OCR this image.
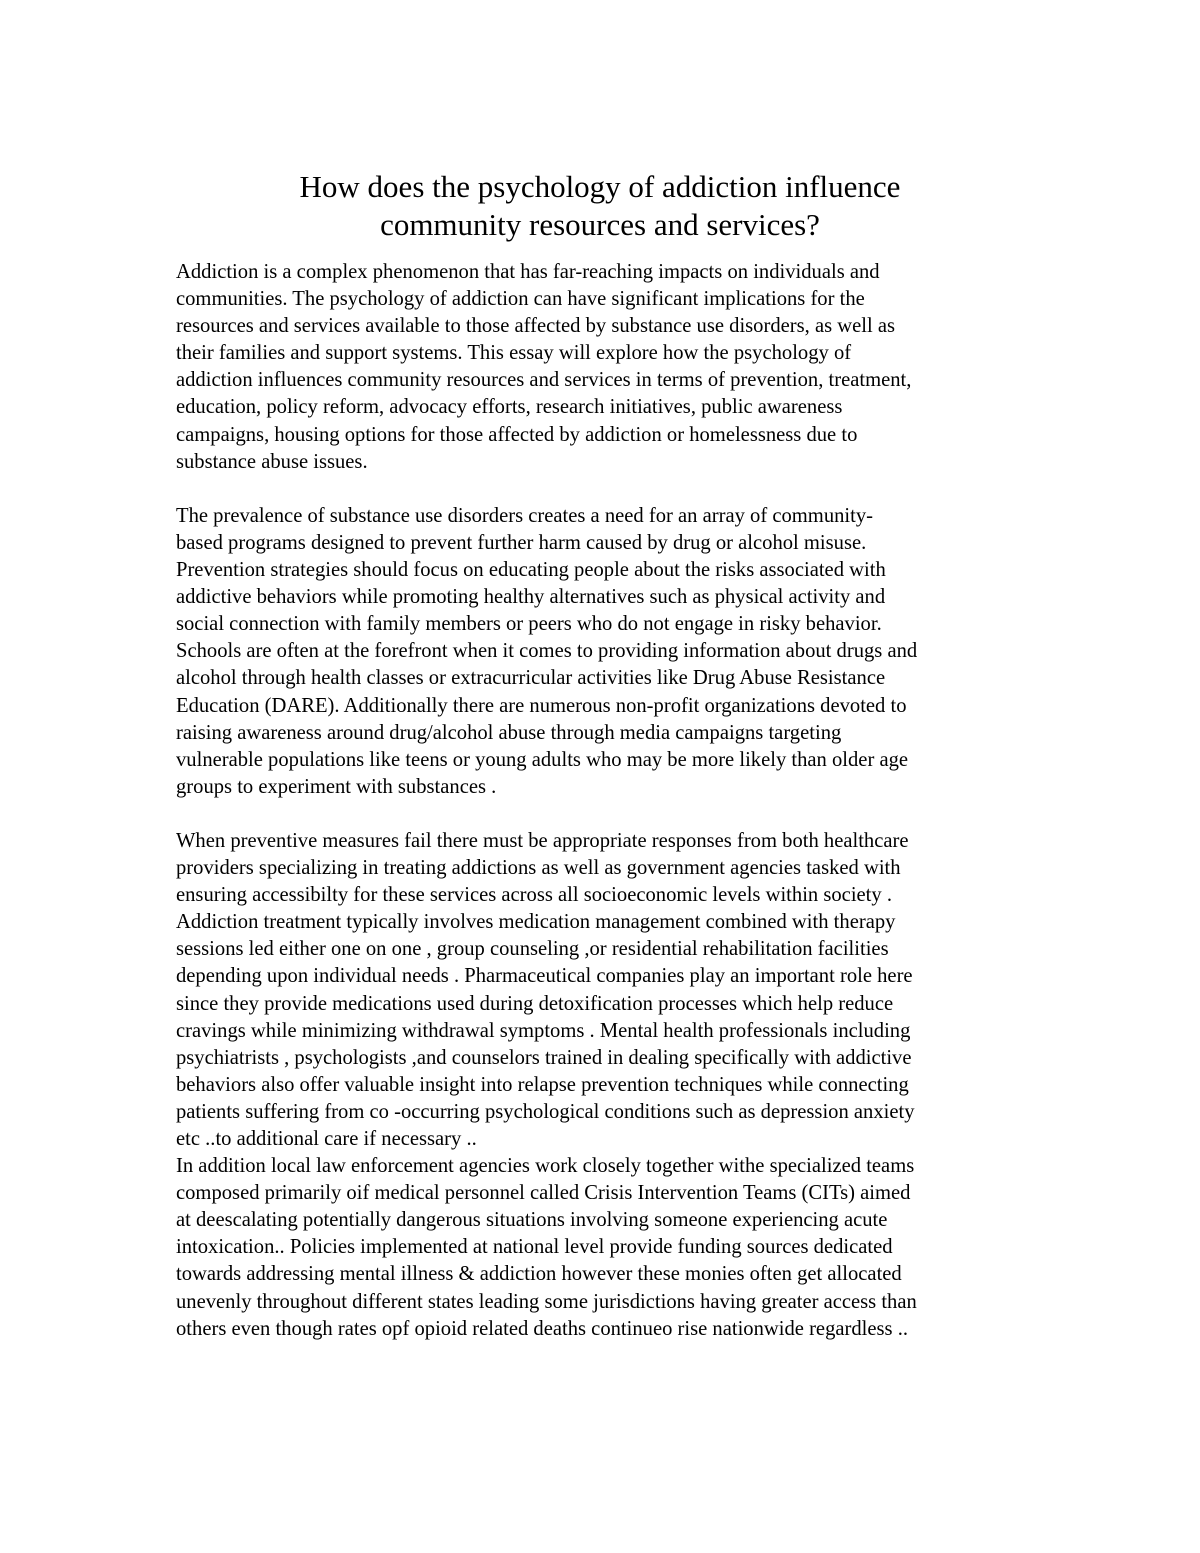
How does the psychology of addiction influence
community resources and services?

Addiction is a complex phenomenon that has far-reaching impacts on individuals and
communities. The psychology of addiction can have significant implications for the
resources and services available to those affected by substance use disorders, as well as
their families and support systems. This essay will explore how the psychology of
addiction influences community resources and services in terms of prevention, treatment,
education, policy reform, advocacy efforts, research initiatives, public awareness
campaigns, housing options for those affected by addiction or homelessness due to
substance abuse issues.

The prevalence of substance use disorders creates a need for an array of community-
based programs designed to prevent further harm caused by drug or alcohol misuse.
Prevention strategies should focus on educating people about the risks associated with
addictive behaviors while promoting healthy alternatives such as physical activity and
social connection with family members or peers who do not engage in risky behavior.
Schools are often at the forefront when it comes to providing information about drugs and
alcohol through health classes or extracurricular activities like Drug Abuse Resistance
Education (DARE). Additionally there are numerous non-profit organizations devoted to
raising awareness around drug/alcohol abuse through media campaigns targeting
vulnerable populations like teens or young adults who may be more likely than older age
groups to experiment with substances .

When preventive measures fail there must be appropriate responses from both healthcare
providers specializing in treating addictions as well as government agencies tasked with
ensuring accessibilty for these services across all socioeconomic levels within society .
Addiction treatment typically involves medication management combined with therapy
sessions led either one on one , group counseling ,or residential rehabilitation facilities
depending upon individual needs . Pharmaceutical companies play an important role here
since they provide medications used during detoxification processes which help reduce
cravings while minimizing withdrawal symptoms . Mental health professionals including
psychiatrists , psychologists ,and counselors trained in dealing specifically with addictive
behaviors also offer valuable insight into relapse prevention techniques while connecting
patients suffering from co -occurring psychological conditions such as depression anxiety
etc ..to additional care if necessary ..

In addition local law enforcement agencies work closely together withe specialized teams
composed primarily oif medical personnel called Crisis Intervention Teams (CITs) aimed
at deescalating potentially dangerous situations involving someone experiencing acute
intoxication.. Policies implemented at national level provide funding sources dedicated
towards addressing mental illness & addiction however these monies often get allocated
unevenly throughout different states leading some jurisdictions having greater access than
others even though rates opf opioid related deaths continueo rise nationwide regardless ..
